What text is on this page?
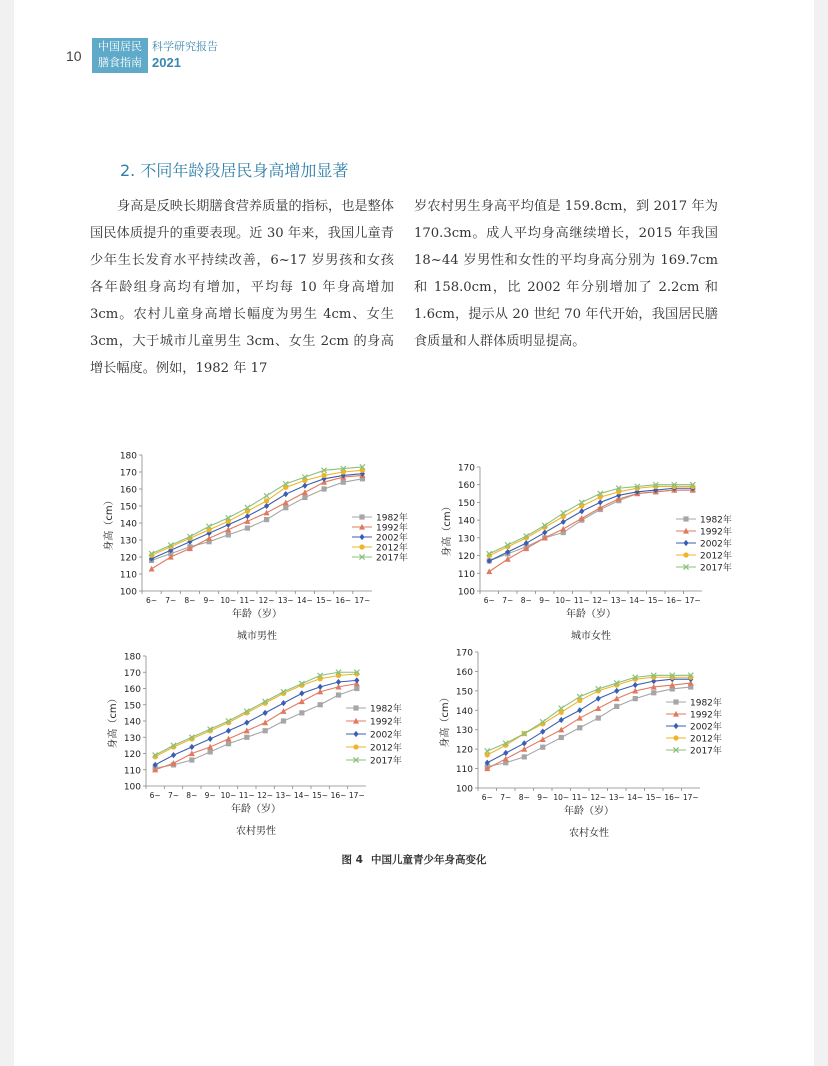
10
中国居民
膳食指南
科学研究报告
2021
2. 不同年龄段居民身高增加显著
身高是反映长期膳食营养质量的指标，也是整体国民体质提升的重要表现。近 30 年来，我国儿童青少年生长发育水平持续改善，6~17 岁男孩和女孩各年龄组身高均有增加，平均每 10 年身高增加 3cm。农村儿童身高增长幅度为男生 4cm、女生 3cm，大于城市儿童男生 3cm、女生 2cm 的身高增长幅度。例如，1982 年 17
岁农村男生身高平均值是 159.8cm，到 2017 年为 170.3cm。成人平均身高继续增长，2015 年我国 18~44 岁男性和女性的平均身高分别为 169.7cm 和 158.0cm，比 2002 年分别增加了 2.2cm 和 1.6cm，提示从 20 世纪 70 年代开始，我国居民膳食质量和人群体质明显提高。
100
110
120
130
140
150
160
170
180
6~ 7~ 8~ 9~ 10~ 11~ 12~ 13~ 14~ 15~ 16~ 17~
年龄（岁）
身高（cm）
城市男性
1982年
1992年
2002年
2012年
2017年
100
110
120
130
140
150
160
170
6~ 7~ 8~ 9~ 10~ 11~ 12~ 13~ 14~ 15~ 16~ 17~
年龄（岁）
身高（cm）
城市女性
1982年
1992年
2002年
2012年
2017年
100
110
120
130
140
150
160
170
180
6~ 7~ 8~ 9~ 10~ 11~ 12~ 13~ 14~ 15~ 16~ 17~
年龄（岁）
身高（cm）
农村男性
1982年
1992年
2002年
2012年
2017年
100
110
120
130
140
150
160
170
6~ 7~ 8~ 9~ 10~ 11~ 12~ 13~ 14~ 15~ 16~ 17~
年龄（岁）
身高（cm）
农村女性
1982年
1992年
2002年
2012年
2017年
图 4 中国儿童青少年身高变化
